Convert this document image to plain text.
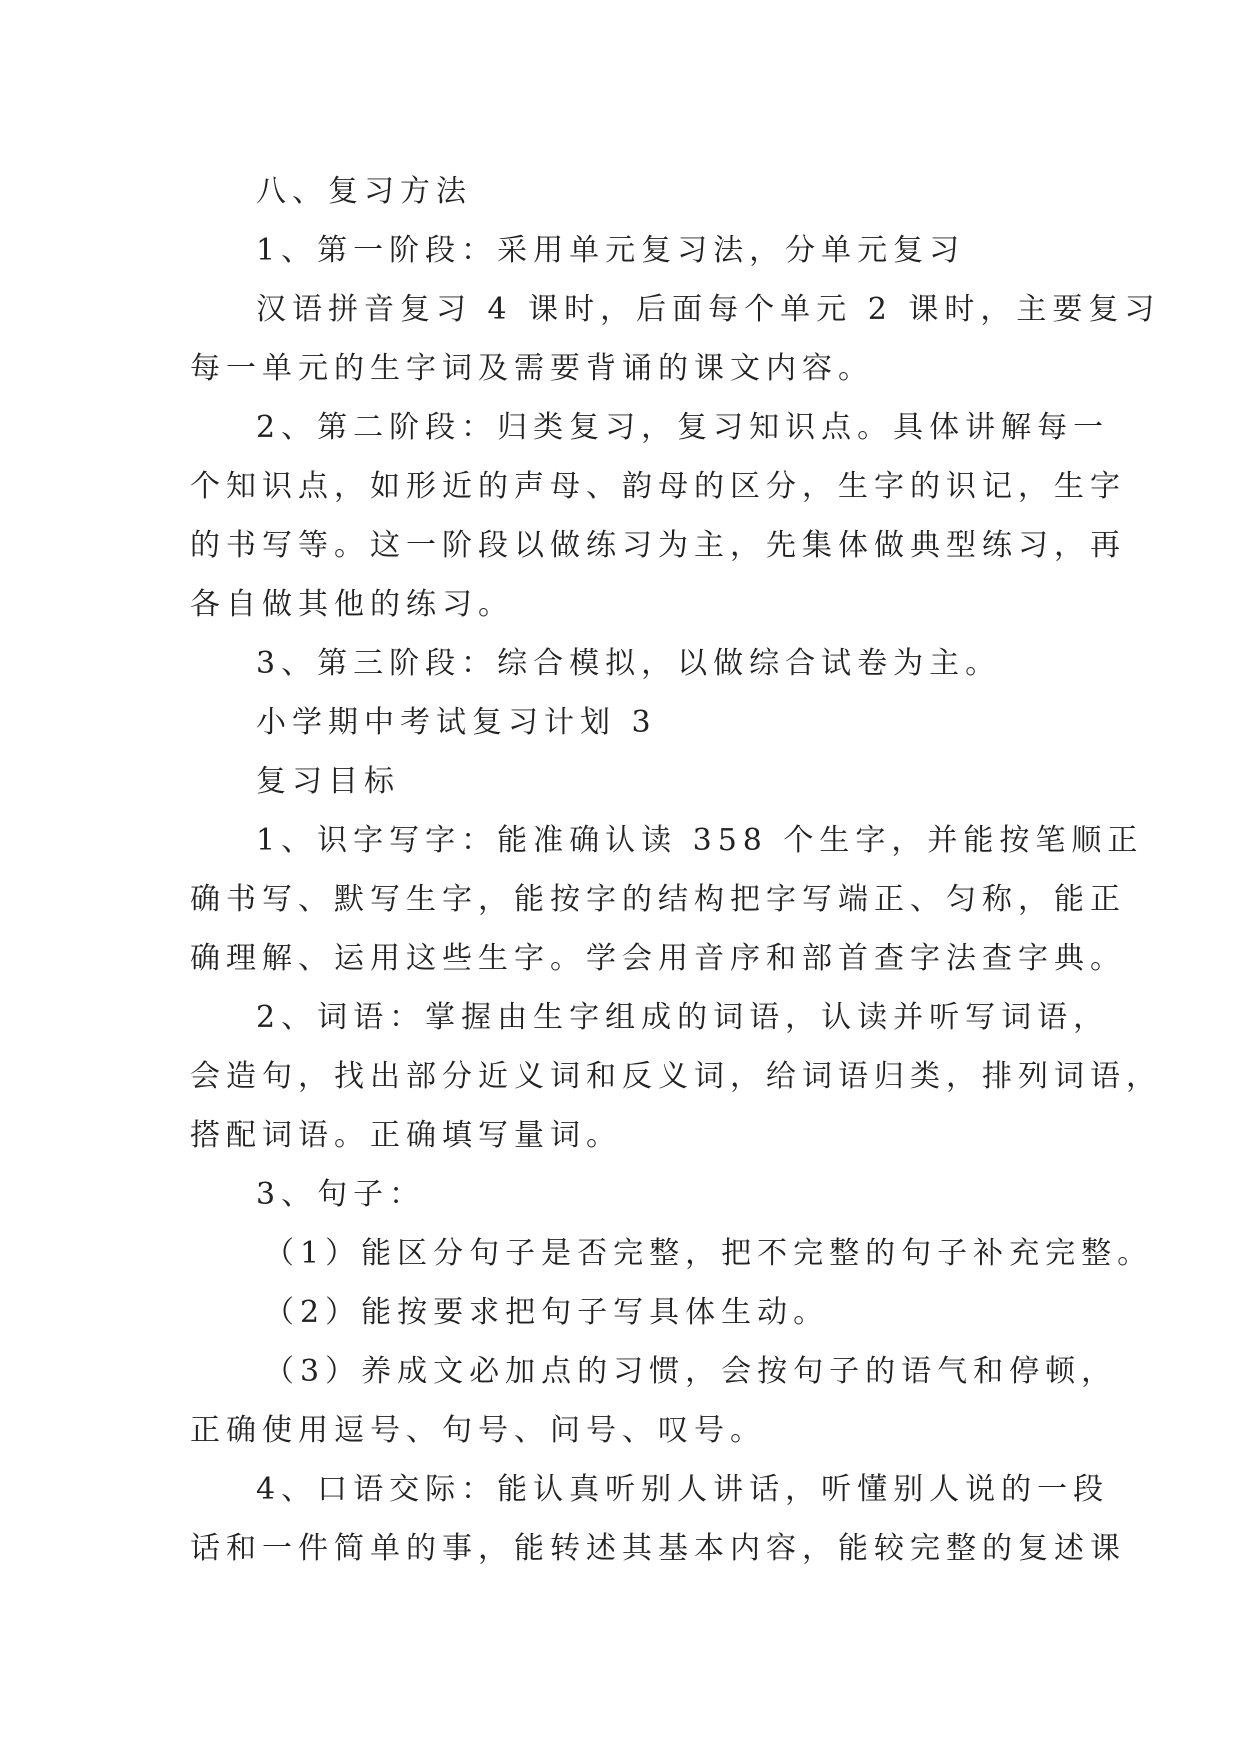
八、复习方法
1、第一阶段：采用单元复习法，分单元复习
汉语拼音复习 4 课时，后面每个单元 2 课时，主要复习
每一单元的生字词及需要背诵的课文内容。
2、第二阶段：归类复习，复习知识点。具体讲解每一
个知识点，如形近的声母、韵母的区分，生字的识记，生字
的书写等。这一阶段以做练习为主，先集体做典型练习，再
各自做其他的练习。
3、第三阶段：综合模拟，以做综合试卷为主。
小学期中考试复习计划 3
复习目标
1、识字写字：能准确认读 358 个生字，并能按笔顺正
确书写、默写生字，能按字的结构把字写端正、匀称，能正
确理解、运用这些生字。学会用音序和部首查字法查字典。
2、词语：掌握由生字组成的词语，认读并听写词语，
会造句，找出部分近义词和反义词，给词语归类，排列词语，
搭配词语。正确填写量词。
3、句子：
（1）能区分句子是否完整，把不完整的句子补充完整。
（2）能按要求把句子写具体生动。
（3）养成文必加点的习惯，会按句子的语气和停顿，
正确使用逗号、句号、问号、叹号。
4、口语交际：能认真听别人讲话，听懂别人说的一段
话和一件简单的事，能转述其基本内容，能较完整的复述课
